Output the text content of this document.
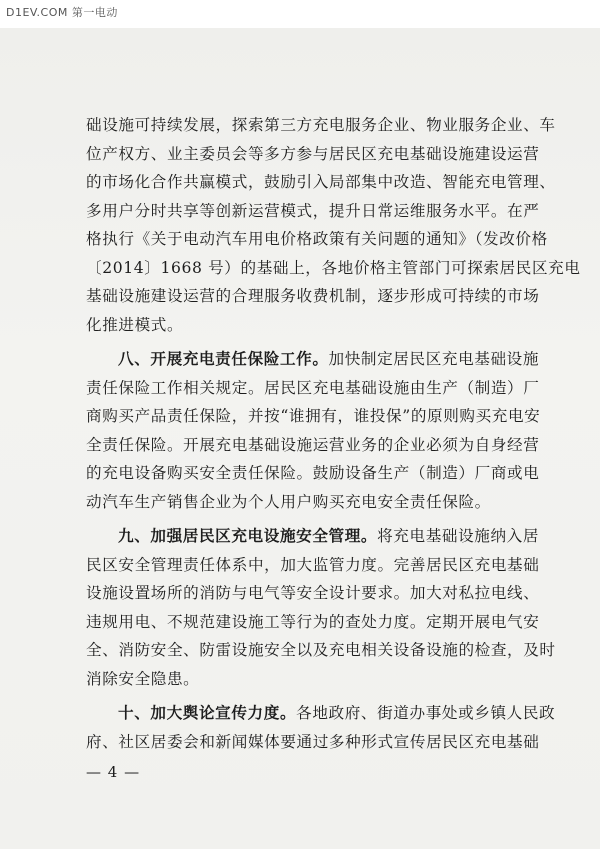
D1EV.COM 第一电动
础设施可持续发展，探索第三方充电服务企业、物业服务企业、车
位产权方、业主委员会等多方参与居民区充电基础设施建设运营
的市场化合作共赢模式，鼓励引入局部集中改造、智能充电管理、
多用户分时共享等创新运营模式，提升日常运维服务水平。在严
格执行《关于电动汽车用电价格政策有关问题的通知》（发改价格
〔2014〕1668 号）的基础上，各地价格主管部门可探索居民区充电
基础设施建设运营的合理服务收费机制，逐步形成可持续的市场
化推进模式。
八、开展充电责任保险工作。加快制定居民区充电基础设施
责任保险工作相关规定。居民区充电基础设施由生产（制造）厂
商购买产品责任保险，并按“谁拥有，谁投保”的原则购买充电安
全责任保险。开展充电基础设施运营业务的企业必须为自身经营
的充电设备购买安全责任保险。鼓励设备生产（制造）厂商或电
动汽车生产销售企业为个人用户购买充电安全责任保险。
九、加强居民区充电设施安全管理。将充电基础设施纳入居
民区安全管理责任体系中，加大监管力度。完善居民区充电基础
设施设置场所的消防与电气等安全设计要求。加大对私拉电线、
违规用电、不规范建设施工等行为的查处力度。定期开展电气安
全、消防安全、防雷设施安全以及充电相关设备设施的检查，及时
消除安全隐患。
十、加大舆论宣传力度。各地政府、街道办事处或乡镇人民政
府、社区居委会和新闻媒体要通过多种形式宣传居民区充电基础
— 4 —
